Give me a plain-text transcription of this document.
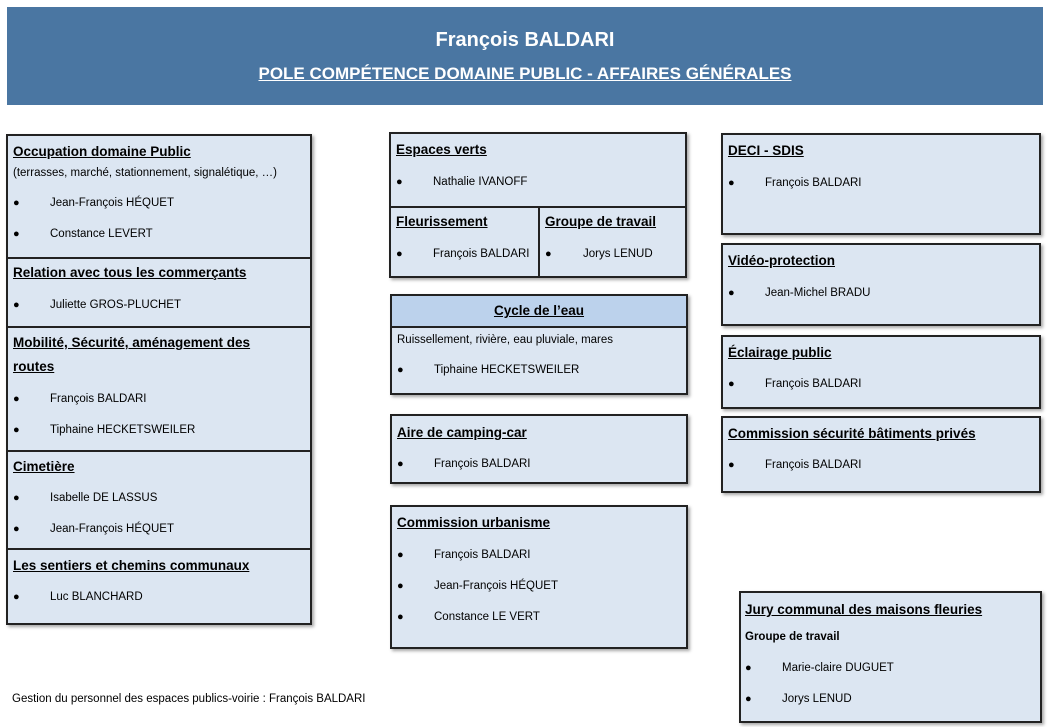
François BALDARI
POLE COMPÉTENCE DOMAINE PUBLIC - AFFAIRES GÉNÉRALES
Occupation domaine Public
(terrasses, marché, stationnement, signalétique, …)
●	Jean-François HÉQUET
●	Constance LEVERT
Relation avec tous les commerçants
●	Juliette GROS-PLUCHET
Mobilité, Sécurité, aménagement des
routes
●	François BALDARI
●	Tiphaine HECKETSWEILER
Cimetière
●	Isabelle DE LASSUS
●	Jean-François HÉQUET
Les sentiers et chemins communaux
●	Luc BLANCHARD
Espaces verts
●	Nathalie IVANOFF
Fleurissement
●	François BALDARI
Groupe de travail
●	Jorys LENUD
Cycle de l’eau
Ruissellement, rivière, eau pluviale, mares
●	Tiphaine HECKETSWEILER
Aire de camping-car
●	François BALDARI
Commission urbanisme
●	François BALDARI
●	Jean-François HÉQUET
●	Constance LE VERT
DECI - SDIS
●	François BALDARI
Vidéo-protection
●	Jean-Michel BRADU
Éclairage public
●	François BALDARI
Commission sécurité bâtiments privés
●	François BALDARI
Jury communal des maisons fleuries
Groupe de travail
●	Marie-claire DUGUET
●	Jorys LENUD
Gestion du personnel des espaces publics-voirie : François BALDARI
